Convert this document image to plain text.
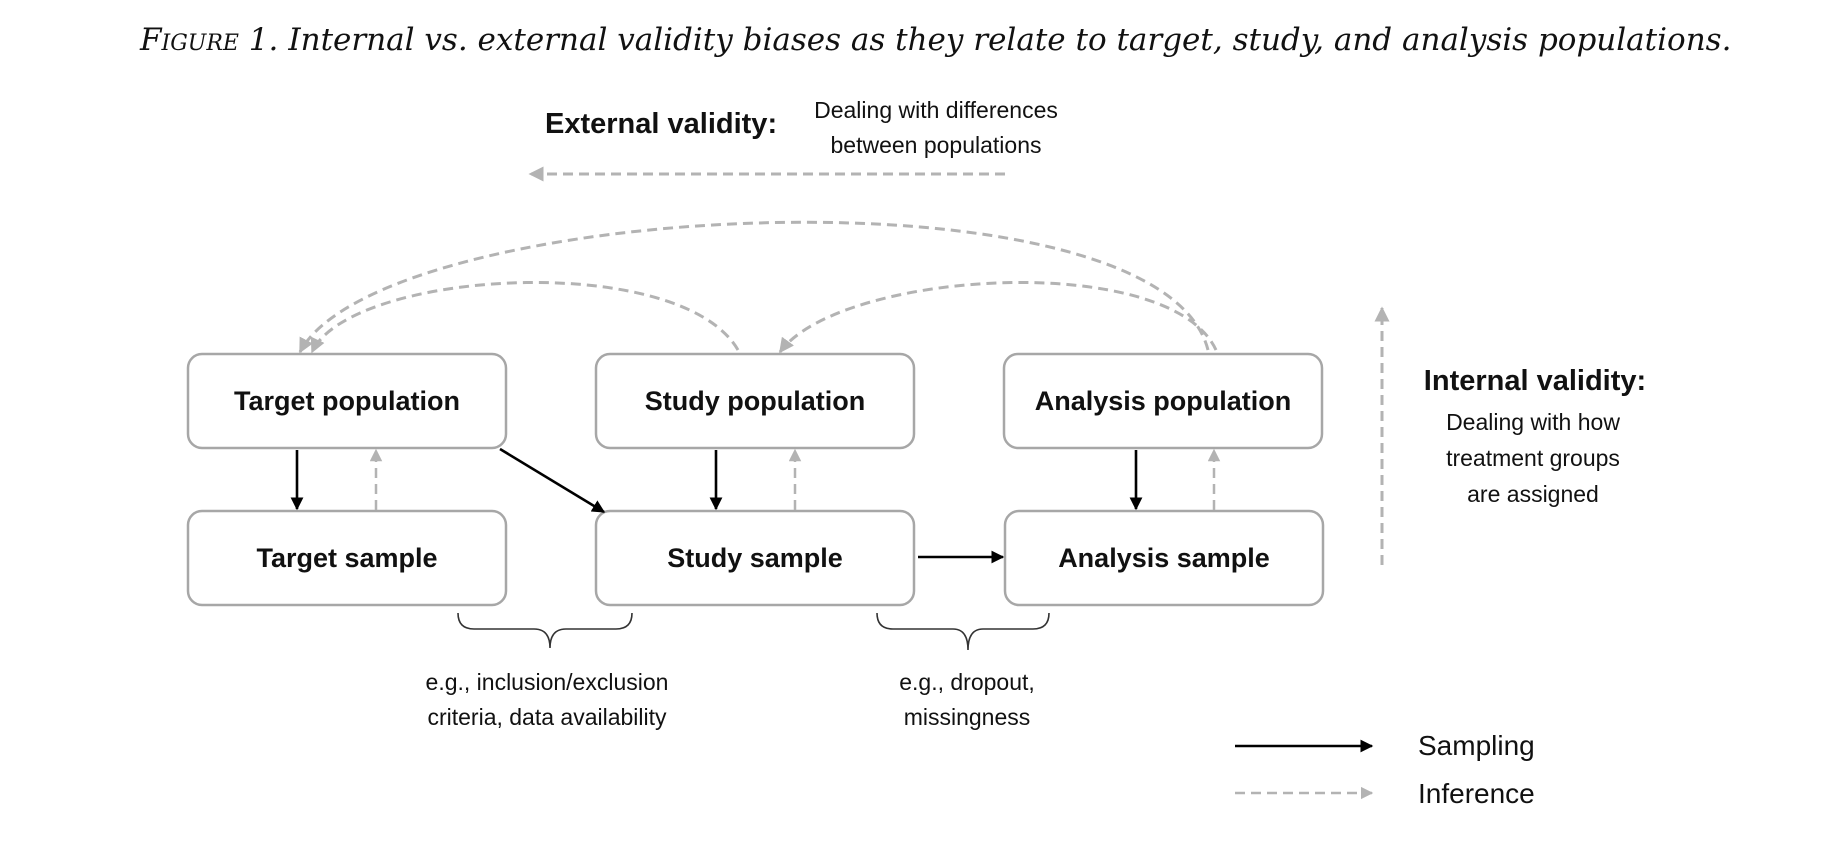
Figure 1. Internal vs. external validity biases as they relate to target, study, and analysis populations.
External validity: Dealing with differences
between populations
Target population	Study population	Analysis population
Target sample	Study sample	Analysis sample
e.g., inclusion/exclusion
criteria, data availability
e.g., dropout,
missingness
Internal validity:
Dealing with how
treatment groups
are assigned
Sampling
Inference
